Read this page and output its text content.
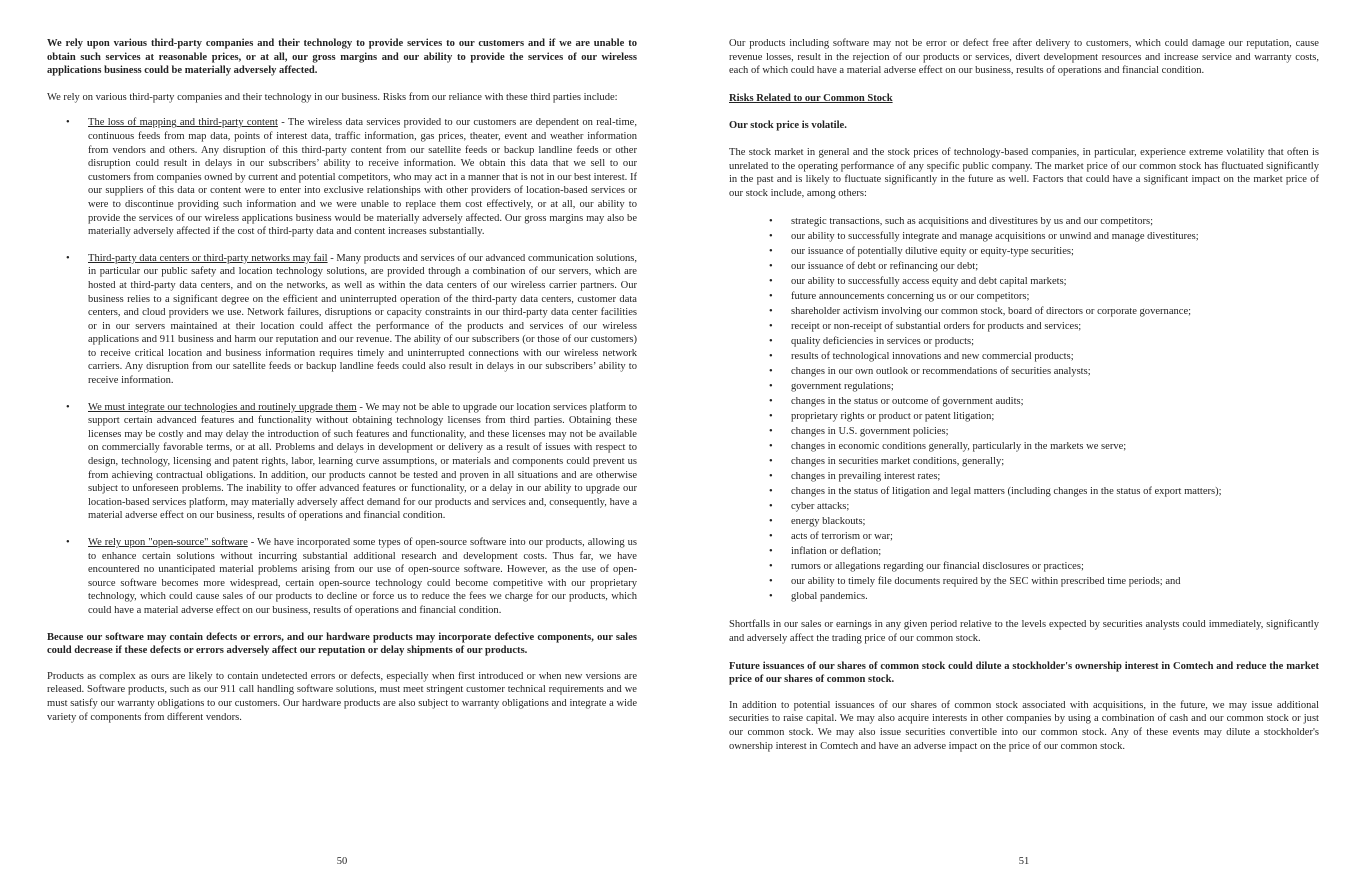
We rely upon various third-party companies and their technology to provide services to our customers and if we are unable to obtain such services at reasonable prices, or at all, our gross margins and our ability to provide the services of our wireless applications business could be materially adversely affected.

We rely on various third-party companies and their technology in our business. Risks from our reliance with these third parties include:

• The loss of mapping and third-party content - The wireless data services provided to our customers are dependent on real-time, continuous feeds from map data, points of interest data, traffic information, gas prices, theater, event and weather information from vendors and others. Any disruption of this third-party content from our satellite feeds or backup landline feeds or other disruption could result in delays in our subscribers’ ability to receive information. We obtain this data that we sell to our customers from companies owned by current and potential competitors, who may act in a manner that is not in our best interest. If our suppliers of this data or content were to enter into exclusive relationships with other providers of location-based services or were to discontinue providing such information and we were unable to replace them cost effectively, or at all, our ability to provide the services of our wireless applications business would be materially adversely affected. Our gross margins may also be materially adversely affected if the cost of third-party data and content increases substantially.
• Third-party data centers or third-party networks may fail - Many products and services of our advanced communication solutions, in particular our public safety and location technology solutions, are provided through a combination of our servers, which are hosted at third-party data centers, and on the networks, as well as within the data centers of our wireless carrier partners. Our business relies to a significant degree on the efficient and uninterrupted operation of the third-party data centers, customer data centers, and cloud providers we use. Network failures, disruptions or capacity constraints in our third-party data center facilities or in our servers maintained at their location could affect the performance of the products and services of our wireless applications and 911 business and harm our reputation and our revenue. The ability of our subscribers (or those of our customers) to receive critical location and business information requires timely and uninterrupted connections with our wireless network carriers. Any disruption from our satellite feeds or backup landline feeds could also result in delays in our subscribers’ ability to receive information.
• We must integrate our technologies and routinely upgrade them - We may not be able to upgrade our location services platform to support certain advanced features and functionality without obtaining technology licenses from third parties. Obtaining these licenses may be costly and may delay the introduction of such features and functionality, and these licenses may not be available on commercially favorable terms, or at all. Problems and delays in development or delivery as a result of issues with respect to design, technology, licensing and patent rights, labor, learning curve assumptions, or materials and components could prevent us from achieving contractual obligations. In addition, our products cannot be tested and proven in all situations and are otherwise subject to unforeseen problems. The inability to offer advanced features or functionality, or a delay in our ability to upgrade our location-based services platform, may materially adversely affect demand for our products and services and, consequently, have a material adverse effect on our business, results of operations and financial condition.
• We rely upon "open-source" software - We have incorporated some types of open-source software into our products, allowing us to enhance certain solutions without incurring substantial additional research and development costs. Thus far, we have encountered no unanticipated material problems arising from our use of open-source software. However, as the use of open-source software becomes more widespread, certain open-source technology could become competitive with our proprietary technology, which could cause sales of our products to decline or force us to reduce the fees we charge for our products, which could have a material adverse effect on our business, results of operations and financial condition.

Because our software may contain defects or errors, and our hardware products may incorporate defective components, our sales could decrease if these defects or errors adversely affect our reputation or delay shipments of our products.

Products as complex as ours are likely to contain undetected errors or defects, especially when first introduced or when new versions are released. Software products, such as our 911 call handling software solutions, must meet stringent customer technical requirements and we must satisfy our warranty obligations to our customers. Our hardware products are also subject to warranty obligations and integrate a wide variety of components from different vendors.

50

Our products including software may not be error or defect free after delivery to customers, which could damage our reputation, cause revenue losses, result in the rejection of our products or services, divert development resources and increase service and warranty costs, each of which could have a material adverse effect on our business, results of operations and financial condition.

Risks Related to our Common Stock

Our stock price is volatile.

The stock market in general and the stock prices of technology-based companies, in particular, experience extreme volatility that often is unrelated to the operating performance of any specific public company. The market price of our common stock has fluctuated significantly in the past and is likely to fluctuate significantly in the future as well. Factors that could have a significant impact on the market price of our stock include, among others:

• strategic transactions, such as acquisitions and divestitures by us and our competitors;
• our ability to successfully integrate and manage acquisitions or unwind and manage divestitures;
• our issuance of potentially dilutive equity or equity-type securities;
• our issuance of debt or refinancing our debt;
• our ability to successfully access equity and debt capital markets;
• future announcements concerning us or our competitors;
• shareholder activism involving our common stock, board of directors or corporate governance;
• receipt or non-receipt of substantial orders for products and services;
• quality deficiencies in services or products;
• results of technological innovations and new commercial products;
• changes in our own outlook or recommendations of securities analysts;
• government regulations;
• changes in the status or outcome of government audits;
• proprietary rights or product or patent litigation;
• changes in U.S. government policies;
• changes in economic conditions generally, particularly in the markets we serve;
• changes in securities market conditions, generally;
• changes in prevailing interest rates;
• changes in the status of litigation and legal matters (including changes in the status of export matters);
• cyber attacks;
• energy blackouts;
• acts of terrorism or war;
• inflation or deflation;
• rumors or allegations regarding our financial disclosures or practices;
• our ability to timely file documents required by the SEC within prescribed time periods; and
• global pandemics.

Shortfalls in our sales or earnings in any given period relative to the levels expected by securities analysts could immediately, significantly and adversely affect the trading price of our common stock.

Future issuances of our shares of common stock could dilute a stockholder's ownership interest in Comtech and reduce the market price of our shares of common stock.

In addition to potential issuances of our shares of common stock associated with acquisitions, in the future, we may issue additional securities to raise capital. We may also acquire interests in other companies by using a combination of cash and our common stock or just our common stock. We may also issue securities convertible into our common stock. Any of these events may dilute a stockholder's ownership interest in Comtech and have an adverse impact on the price of our common stock.

51
